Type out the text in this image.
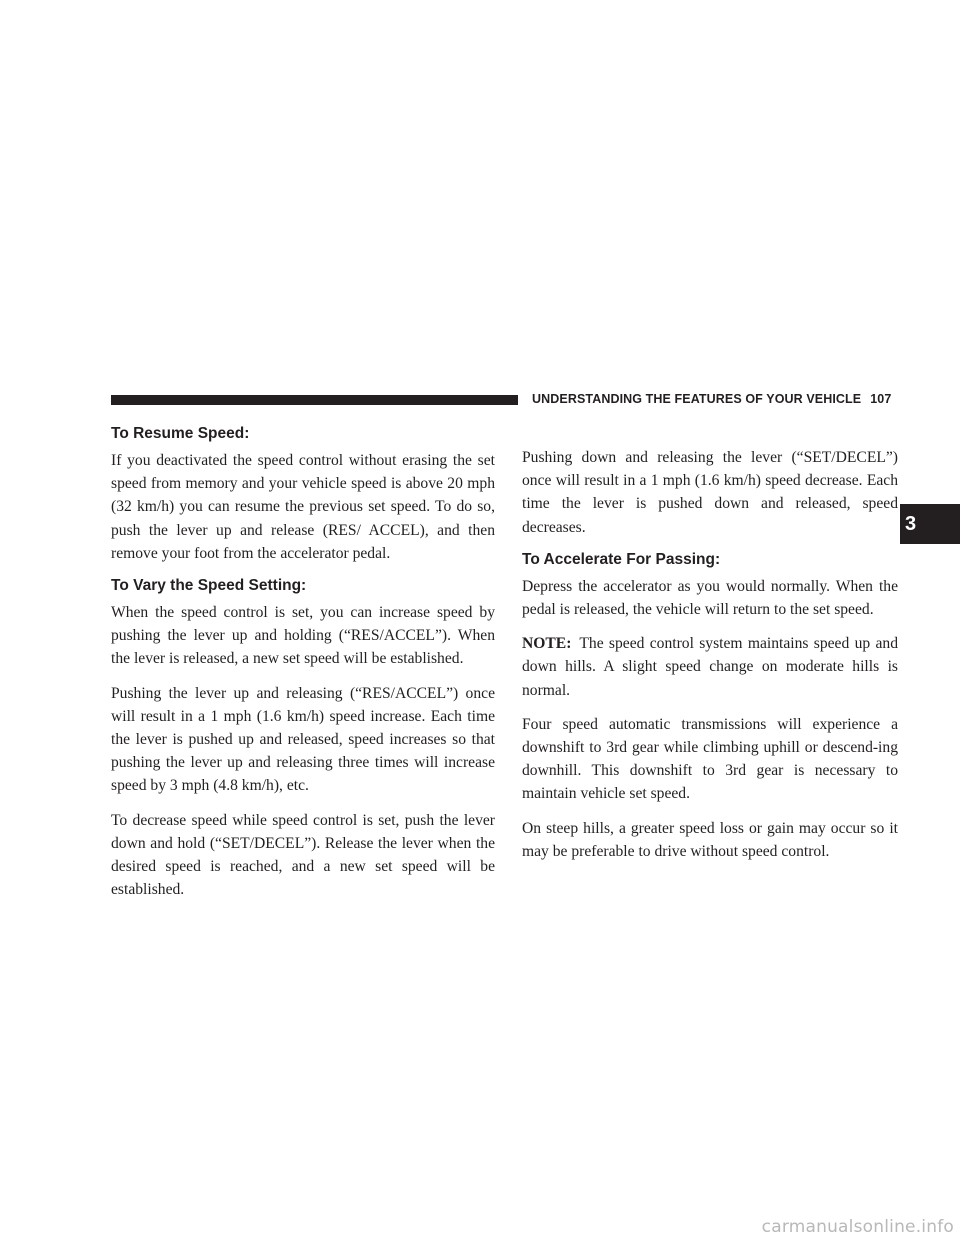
UNDERSTANDING THE FEATURES OF YOUR VEHICLE 107
To Resume Speed:

If you deactivated the speed control without erasing the set speed from memory and your vehicle speed is above 20 mph (32 km/h) you can resume the previous set speed. To do so, push the lever up and release (RES/ ACCEL), and then remove your foot from the accelerator pedal.

To Vary the Speed Setting:

When the speed control is set, you can increase speed by pushing the lever up and holding (“RES/ACCEL”). When the lever is released, a new set speed will be established.

Pushing the lever up and releasing (“RES/ACCEL”) once will result in a 1 mph (1.6 km/h) speed increase. Each time the lever is pushed up and released, speed increases so that pushing the lever up and releasing three times will increase speed by 3 mph (4.8 km/h), etc.

To decrease speed while speed control is set, push the lever down and hold (“SET/DECEL”). Release the lever when the desired speed is reached, and a new set speed will be established.

Pushing down and releasing the lever (“SET/DECEL”) once will result in a 1 mph (1.6 km/h) speed decrease. Each time the lever is pushed down and released, speed decreases.

To Accelerate For Passing:

Depress the accelerator as you would normally. When the pedal is released, the vehicle will return to the set speed.

NOTE: The speed control system maintains speed up and down hills. A slight speed change on moderate hills is normal.

Four speed automatic transmissions will experience a downshift to 3rd gear while climbing uphill or descend-ing downhill. This downshift to 3rd gear is necessary to maintain vehicle set speed.

On steep hills, a greater speed loss or gain may occur so it may be preferable to drive without speed control.

3
carmanualsonline.info
